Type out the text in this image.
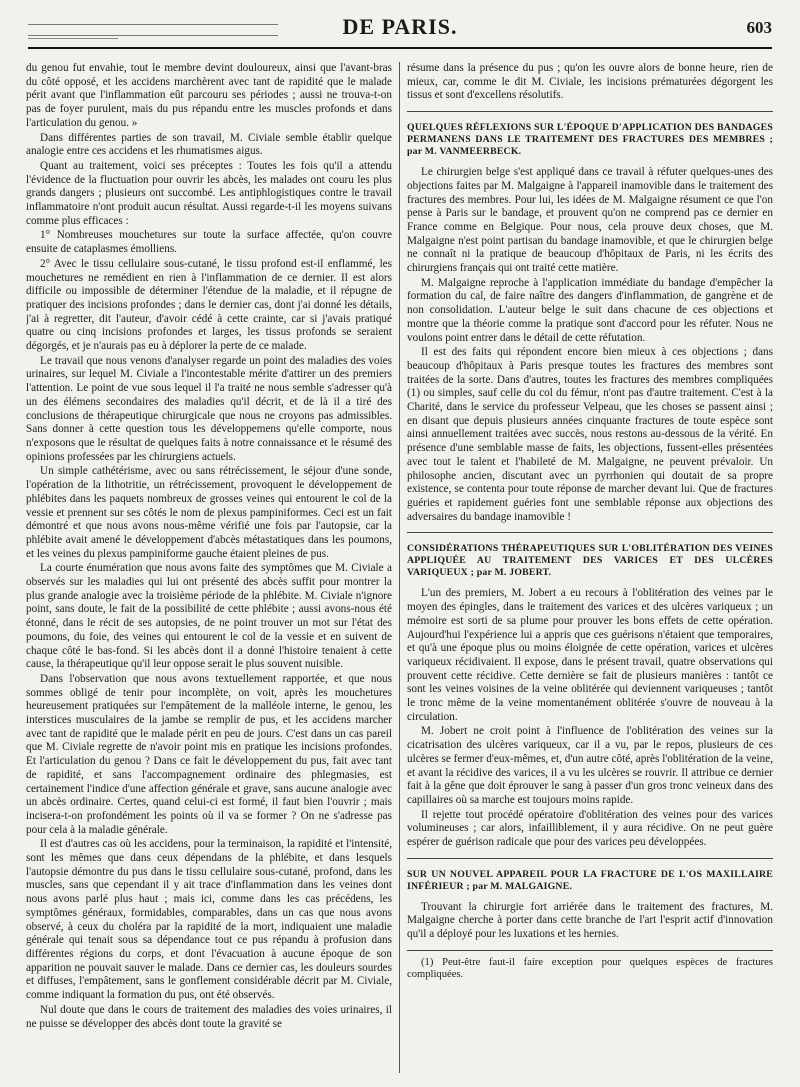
DE PARIS.	603

du genou fut envahie, tout le membre devint douloureux, ainsi que l'avant-bras du côté opposé, et les accidens marchèrent avec tant de rapidité que le malade périt avant que l'inflammation eût parcouru ses périodes ; aussi ne trouva-t-on pas de foyer purulent, mais du pus répandu entre les muscles profonds et dans l'articulation du genou. »

Dans différentes parties de son travail, M. Civiale semble établir quelque analogie entre ces accidens et les rhumatismes aigus.

Quant au traitement, voici ses préceptes : Toutes les fois qu'il a attendu l'évidence de la fluctuation pour ouvrir les abcès, les malades ont couru les plus grands dangers ; plusieurs ont succombé. Les antiphlogistiques contre le travail inflammatoire n'ont produit aucun résultat. Aussi regarde-t-il les moyens suivans comme plus efficaces :

1° Nombreuses mouchetures sur toute la surface affectée, qu'on couvre ensuite de cataplasmes émolliens.

2° Avec le tissu cellulaire sous-cutané, le tissu profond est-il enflammé, les mouchetures ne remédient en rien à l'inflammation de ce dernier. Il est alors difficile ou impossible de déterminer l'étendue de la maladie, et il répugne de pratiquer des incisions profondes ; dans le dernier cas, dont j'ai donné les détails, j'ai à regretter, dit l'auteur, d'avoir cédé à cette crainte, car si j'avais pratiqué quatre ou cinq incisions profondes et larges, les tissus profonds se seraient dégorgés, et je n'aurais pas eu à déplorer la perte de ce malade.

Le travail que nous venons d'analyser regarde un point des maladies des voies urinaires, sur lequel M. Civiale a l'incontestable mérite d'attirer un des premiers l'attention. Le point de vue sous lequel il l'a traité ne nous semble s'adresser qu'à un des élémens secondaires des maladies qu'il décrit, et de là il a tiré des conclusions de thérapeutique chirurgicale que nous ne croyons pas admissibles. Sans donner à cette question tous les développemens qu'elle comporte, nous n'exposons que le résultat de quelques faits à notre connaissance et le résumé des opinions professées par les chirurgiens actuels.

Un simple cathétérisme, avec ou sans rétrécissement, le séjour d'une sonde, l'opération de la lithotritie, un rétrécissement, provoquent le développement de phlébites dans les paquets nombreux de grosses veines qui entourent le col de la vessie et prennent sur ses côtés le nom de plexus pampiniformes. Ceci est un fait démontré et que nous avons nous-même vérifié une fois par l'autopsie, car la phlébite avait amené le développement d'abcès métastatiques dans les poumons, et les veines du plexus pampiniforme gauche étaient pleines de pus.

La courte énumération que nous avons faite des symptômes que M. Civiale a observés sur les maladies qui lui ont présenté des abcès suffit pour montrer la plus grande analogie avec la troisième période de la phlébite. M. Civiale n'ignore point, sans doute, le fait de la possibilité de cette phlébite ; aussi avons-nous été étonné, dans le récit de ses autopsies, de ne point trouver un mot sur l'état des poumons, du foie, des veines qui entourent le col de la vessie et en suivent de chaque côté le bas-fond. Si les abcès dont il a donné l'histoire tenaient à cette cause, la thérapeutique qu'il leur oppose serait le plus souvent nuisible.

Dans l'observation que nous avons textuellement rapportée, et que nous sommes obligé de tenir pour incomplète, on voit, après les mouchetures heureusement pratiquées sur l'empâtement de la malléole interne, le genou, les interstices musculaires de la jambe se remplir de pus, et les accidens marcher avec tant de rapidité que le malade périt en peu de jours. C'est dans un cas pareil que M. Civiale regrette de n'avoir point mis en pratique les incisions profondes. Et l'articulation du genou ? Dans ce fait le développement du pus, fait avec tant de rapidité, et sans l'accompagnement ordinaire des phlegmasies, est certainement l'indice d'une affection générale et grave, sans aucune analogie avec un abcès ordinaire. Certes, quand celui-ci est formé, il faut bien l'ouvrir ; mais incisera-t-on profondément les points où il va se former ? On ne s'adresse pas pour cela à la maladie générale.

Il est d'autres cas où les accidens, pour la terminaison, la rapidité et l'intensité, sont les mêmes que dans ceux dépendans de la phlébite, et dans lesquels l'autopsie démontre du pus dans le tissu cellulaire sous-cutané, profond, dans les muscles, sans que cependant il y ait trace d'inflammation dans les veines dont nous avons parlé plus haut ; mais ici, comme dans les cas précédens, les symptômes généraux, formidables, comparables, dans un cas que nous avons observé, à ceux du choléra par la rapidité de la mort, indiquaient une maladie générale qui tenait sous sa dépendance tout ce pus répandu à profusion dans différentes régions du corps, et dont l'évacuation à aucune époque de son apparition ne pouvait sauver le malade. Dans ce dernier cas, les douleurs sourdes et diffuses, l'empâtement, sans le gonflement considérable décrit par M. Civiale, comme indiquant la formation du pus, ont été observés.

Nul doute que dans le cours de traitement des maladies des voies urinaires, il ne puisse se développer des abcès dont toute la gravité se

résume dans la présence du pus ; qu'on les ouvre alors de bonne heure, rien de mieux, car, comme le dit M. Civiale, les incisions prématurées dégorgent les tissus et sont d'excellens résolutifs.

QUELQUES RÉFLEXIONS SUR L'ÉPOQUE D'APPLICATION DES BANDAGES PERMANENS DANS LE TRAITEMENT DES FRACTURES DES MEMBRES ; par M. VANMEERBECK.

Le chirurgien belge s'est appliqué dans ce travail à réfuter quelques-unes des objections faites par M. Malgaigne à l'appareil inamovible dans le traitement des fractures des membres. Pour lui, les idées de M. Malgaigne résument ce que l'on pense à Paris sur le bandage, et prouvent qu'on ne comprend pas ce dernier en France comme en Belgique. Pour nous, cela prouve deux choses, que M. Malgaigne n'est point partisan du bandage inamovible, et que le chirurgien belge ne connaît ni la pratique de beaucoup d'hôpitaux de Paris, ni les écrits des chirurgiens français qui ont traité cette matière.

M. Malgaigne reproche à l'application immédiate du bandage d'empêcher la formation du cal, de faire naître des dangers d'inflammation, de gangrène et de non consolidation. L'auteur belge le suit dans chacune de ces objections et montre que la théorie comme la pratique sont d'accord pour les réfuter. Nous ne voulons point entrer dans le détail de cette réfutation.

Il est des faits qui répondent encore bien mieux à ces objections ; dans beaucoup d'hôpitaux à Paris presque toutes les fractures des membres sont traitées de la sorte. Dans d'autres, toutes les fractures des membres compliquées (1) ou simples, sauf celle du col du fémur, n'ont pas d'autre traitement. C'est à la Charité, dans le service du professeur Velpeau, que les choses se passent ainsi ; en disant que depuis plusieurs années cinquante fractures de toute espèce sont ainsi annuellement traitées avec succès, nous restons au-dessous de la vérité. En présence d'une semblable masse de faits, les objections, fussent-elles présentées avec tout le talent et l'habileté de M. Malgaigne, ne peuvent prévaloir. Un philosophe ancien, discutant avec un pyrrhonien qui doutait de sa propre existence, se contenta pour toute réponse de marcher devant lui. Que de fractures guéries et rapidement guéries font une semblable réponse aux objections des adversaires du bandage inamovible !

CONSIDÉRATIONS THÉRAPEUTIQUES SUR L'OBLITÉRATION DES VEINES APPLIQUÉE AU TRAITEMENT DES VARICES ET DES ULCÈRES VARIQUEUX ; par M. JOBERT.

L'un des premiers, M. Jobert a eu recours à l'oblitération des veines par le moyen des épingles, dans le traitement des varices et des ulcères variqueux ; un mémoire est sorti de sa plume pour prouver les bons effets de cette opération. Aujourd'hui l'expérience lui a appris que ces guérisons n'étaient que temporaires, et qu'à une époque plus ou moins éloignée de cette opération, varices et ulcères variqueux récidivaient. Il expose, dans le présent travail, quatre observations qui prouvent cette récidive. Cette dernière se fait de plusieurs manières : tantôt ce sont les veines voisines de la veine oblitérée qui deviennent variqueuses ; tantôt le tronc même de la veine momentanément oblitérée s'ouvre de nouveau à la circulation.

M. Jobert ne croit point à l'influence de l'oblitération des veines sur la cicatrisation des ulcères variqueux, car il a vu, par le repos, plusieurs de ces ulcères se fermer d'eux-mêmes, et, d'un autre côté, après l'oblitération de la veine, et avant la récidive des varices, il a vu les ulcères se rouvrir. Il attribue ce dernier fait à la gêne que doit éprouver le sang à passer d'un gros tronc veineux dans des capillaires où sa marche est toujours moins rapide.

Il rejette tout procédé opératoire d'oblitération des veines pour des varices volumineuses ; car alors, infailliblement, il y aura récidive. On ne peut guère espérer de guérison radicale que pour des varices peu développées.

SUR UN NOUVEL APPAREIL POUR LA FRACTURE DE L'OS MAXILLAIRE INFÉRIEUR ; par M. MALGAIGNE.

Trouvant la chirurgie fort arriérée dans le traitement des fractures, M. Malgaigne cherche à porter dans cette branche de l'art l'esprit actif d'innovation qu'il a déployé pour les luxations et les hernies.

(1) Peut-être faut-il faire exception pour quelques espèces de fractures compliquées.
